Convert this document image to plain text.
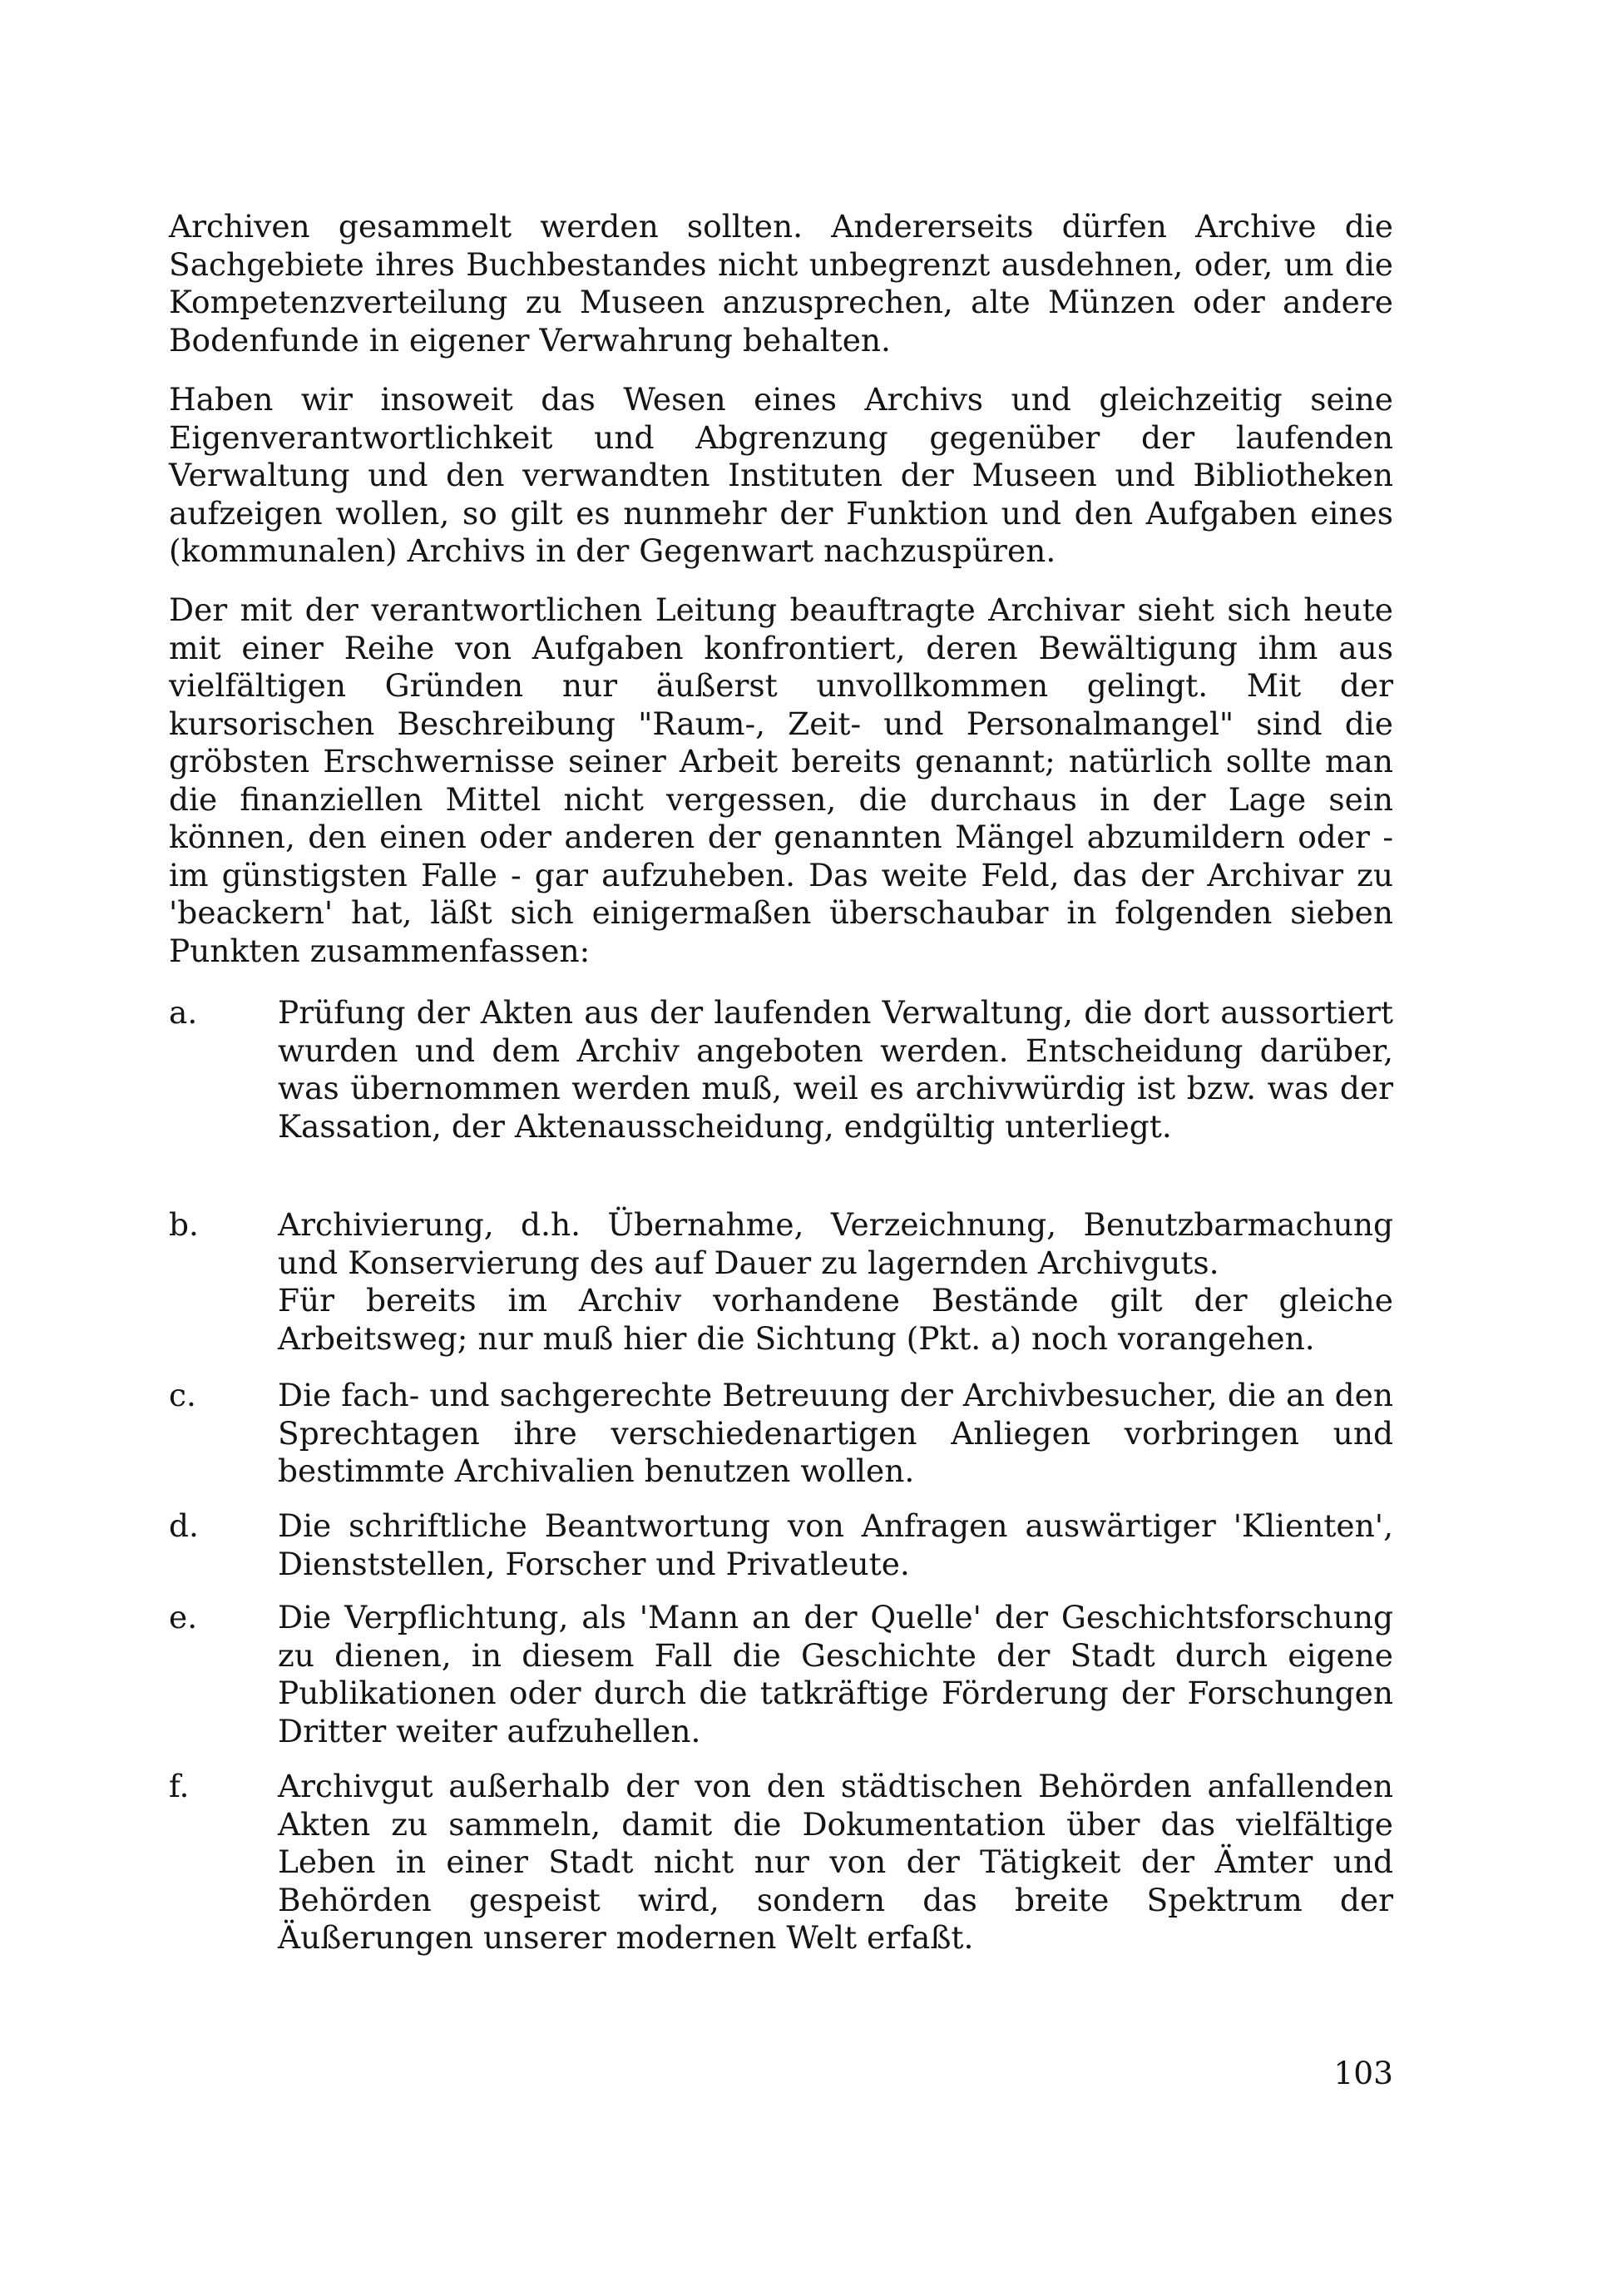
Archiven gesammelt werden sollten. Andererseits dürfen Archive die Sachgebiete ihres Buchbestandes nicht unbegrenzt ausdehnen, oder, um die Kompetenzverteilung zu Museen anzusprechen, alte Münzen oder andere Bodenfunde in eigener Verwahrung behalten.

Haben wir insoweit das Wesen eines Archivs und gleichzeitig seine Eigenverantwortlichkeit und Abgrenzung gegenüber der laufenden Verwaltung und den verwandten Instituten der Museen und Bibliotheken aufzeigen wollen, so gilt es nunmehr der Funktion und den Aufgaben eines (kommunalen) Archivs in der Gegenwart nachzuspüren.

Der mit der verantwortlichen Leitung beauftragte Archivar sieht sich heute mit einer Reihe von Aufgaben konfrontiert, deren Bewältigung ihm aus vielfältigen Gründen nur äußerst unvollkommen gelingt. Mit der kursorischen Beschreibung "Raum-, Zeit- und Personalmangel" sind die gröbsten Erschwernisse seiner Arbeit bereits genannt; natürlich sollte man die finanziellen Mittel nicht vergessen, die durchaus in der Lage sein können, den einen oder anderen der genannten Mängel abzumildern oder - im günstigsten Falle - gar aufzuheben. Das weite Feld, das der Archivar zu 'beackern' hat, läßt sich einigermaßen überschaubar in folgenden sieben Punkten zusammenfassen:

a.	Prüfung der Akten aus der laufenden Verwaltung, die dort aussortiert wurden und dem Archiv angeboten werden. Entscheidung darüber, was übernommen werden muß, weil es archivwürdig ist bzw. was der Kassation, der Aktenausscheidung, endgültig unterliegt.

b.	Archivierung, d.h. Übernahme, Verzeichnung, Benutzbarmachung und Konservierung des auf Dauer zu lagernden Archivguts.

Für bereits im Archiv vorhandene Bestände gilt der gleiche Arbeitsweg; nur muß hier die Sichtung (Pkt. a) noch vorangehen.

c.	Die fach- und sachgerechte Betreuung der Archivbesucher, die an den Sprechtagen ihre verschiedenartigen Anliegen vorbringen und bestimmte Archivalien benutzen wollen.

d.	Die schriftliche Beantwortung von Anfragen auswärtiger 'Klienten', Dienststellen, Forscher und Privatleute.

e.	Die Verpflichtung, als 'Mann an der Quelle' der Geschichtsforschung zu dienen, in diesem Fall die Geschichte der Stadt durch eigene Publikationen oder durch die tatkräftige Förderung der Forschungen Dritter weiter aufzuhellen.

f.	Archivgut außerhalb der von den städtischen Behörden anfallenden Akten zu sammeln, damit die Dokumentation über das vielfältige Leben in einer Stadt nicht nur von der Tätigkeit der Ämter und Behörden gespeist wird, sondern das breite Spektrum der Äußerungen unserer modernen Welt erfaßt.

103
